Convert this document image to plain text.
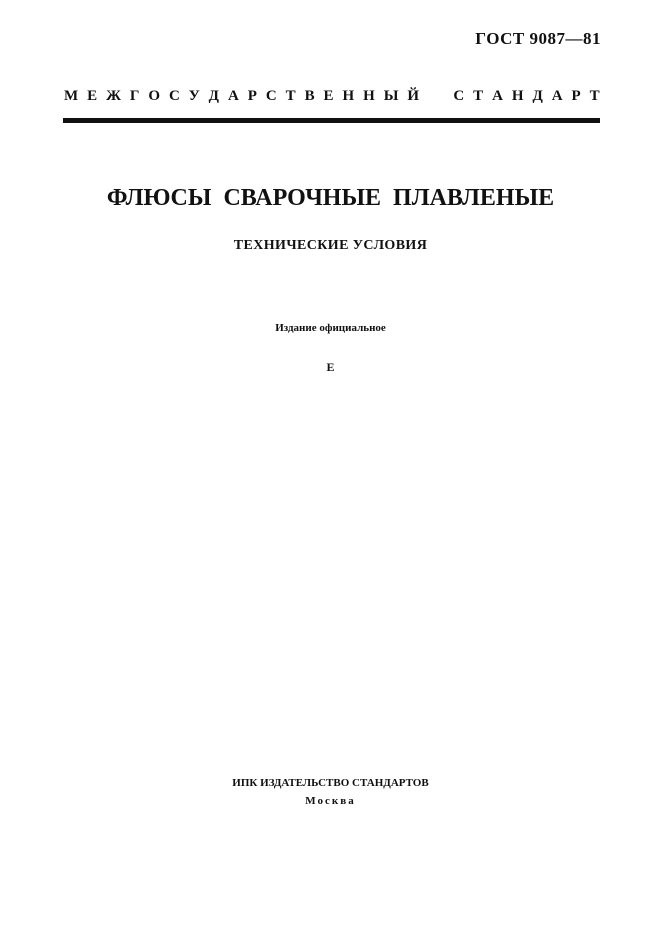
ГОСТ 9087—81
М Е Ж Г О С У Д А Р С Т В Е Н Н Ы Й

С Т А Н Д А Р Т
ФЛЮСЫ СВАРОЧНЫЕ ПЛАВЛЕНЫЕ
ТЕХНИЧЕСКИЕ УСЛОВИЯ
Издание официальное
Е
ИПК ИЗДАТЕЛЬСТВО СТАНДАРТОВ
Москва
